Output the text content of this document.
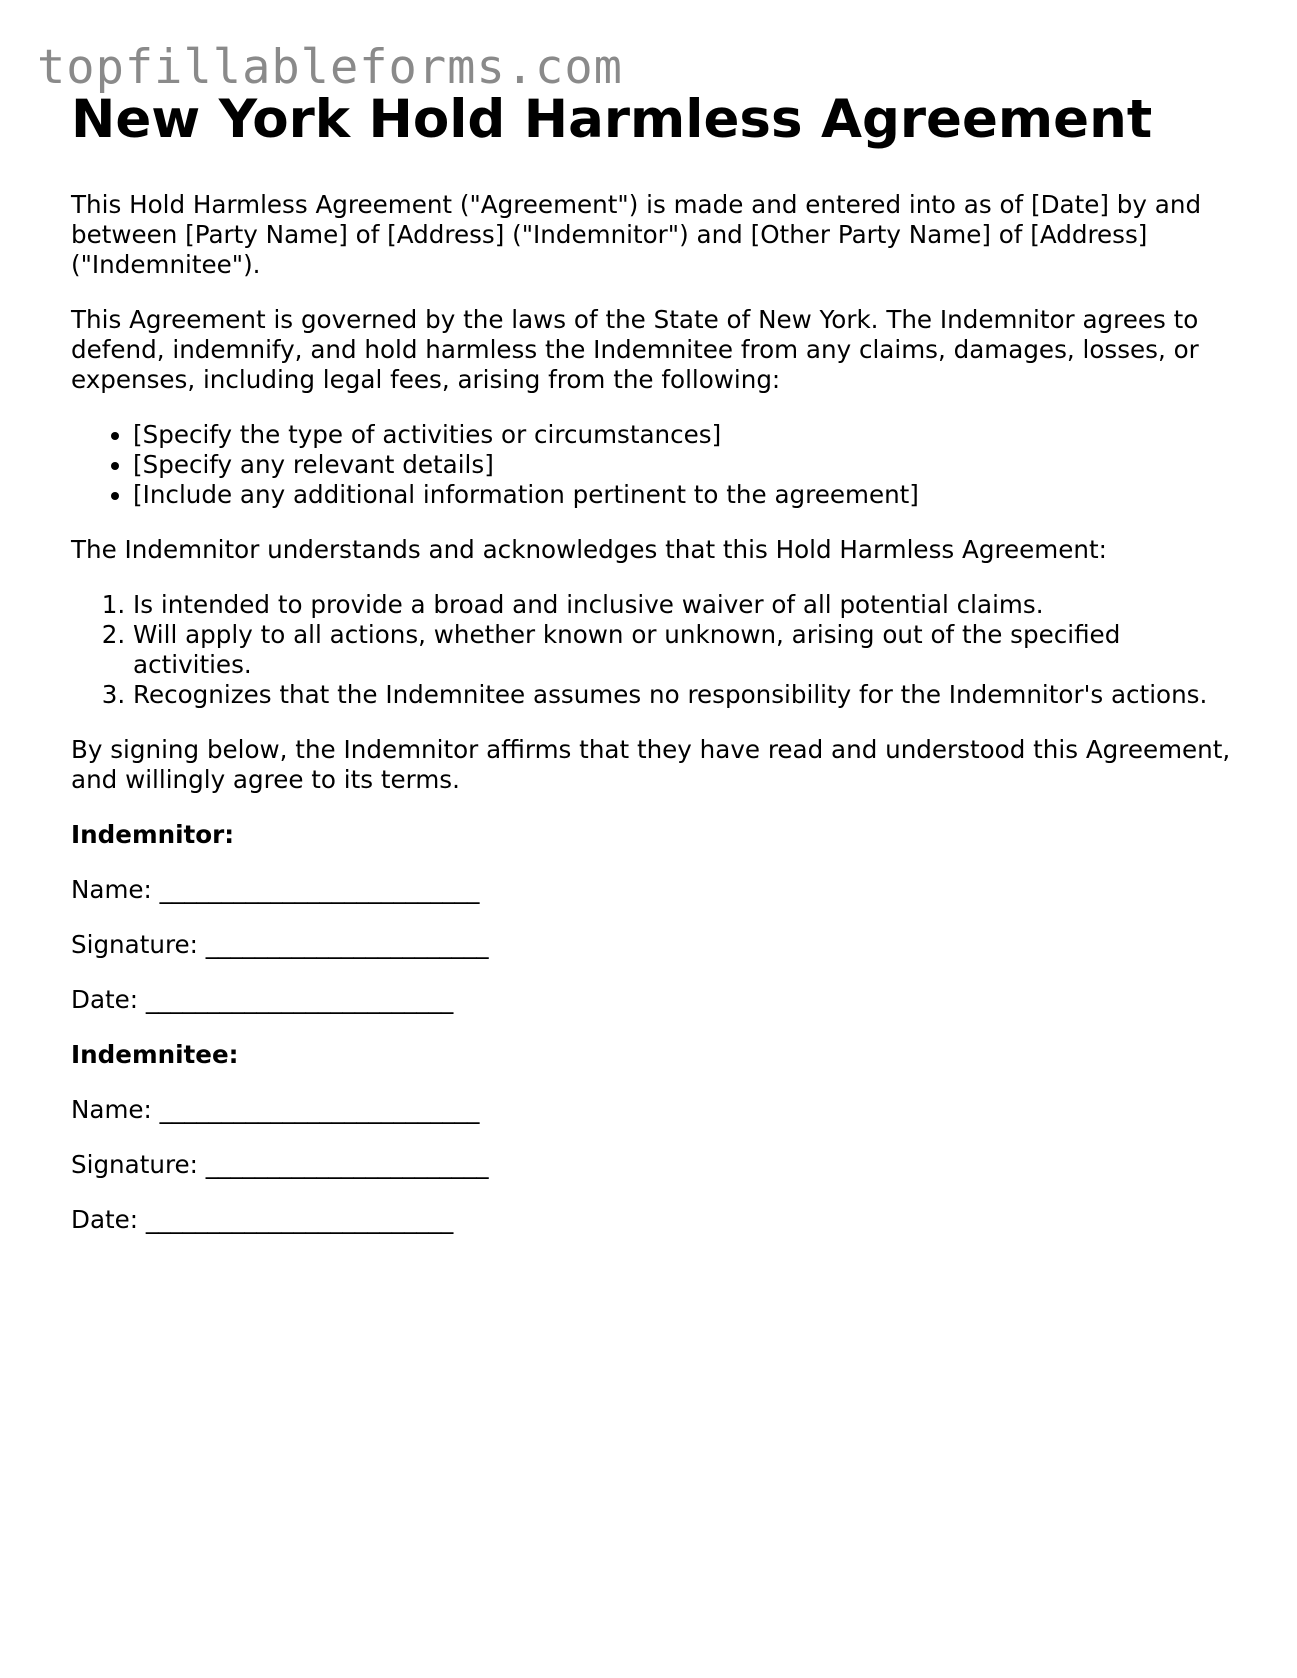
topfillableforms.com
New York Hold Harmless Agreement

This Hold Harmless Agreement ("Agreement") is made and entered into as of [Date] by and between [Party Name] of [Address] ("Indemnitor") and [Other Party Name] of [Address] ("Indemnitee").

This Agreement is governed by the laws of the State of New York. The Indemnitor agrees to defend, indemnify, and hold harmless the Indemnitee from any claims, damages, losses, or expenses, including legal fees, arising from the following:

• [Specify the type of activities or circumstances]
• [Specify any relevant details]
• [Include any additional information pertinent to the agreement]

The Indemnitor understands and acknowledges that this Hold Harmless Agreement:

1. Is intended to provide a broad and inclusive waiver of all potential claims.
2. Will apply to all actions, whether known or unknown, arising out of the specified activities.
3. Recognizes that the Indemnitee assumes no responsibility for the Indemnitor's actions.

By signing below, the Indemnitor affirms that they have read and understood this Agreement, and willingly agree to its terms.

Indemnitor:

Name: __________________________
Signature: _______________________
Date: _________________________

Indemnitee:

Name: __________________________
Signature: _______________________
Date: _________________________
